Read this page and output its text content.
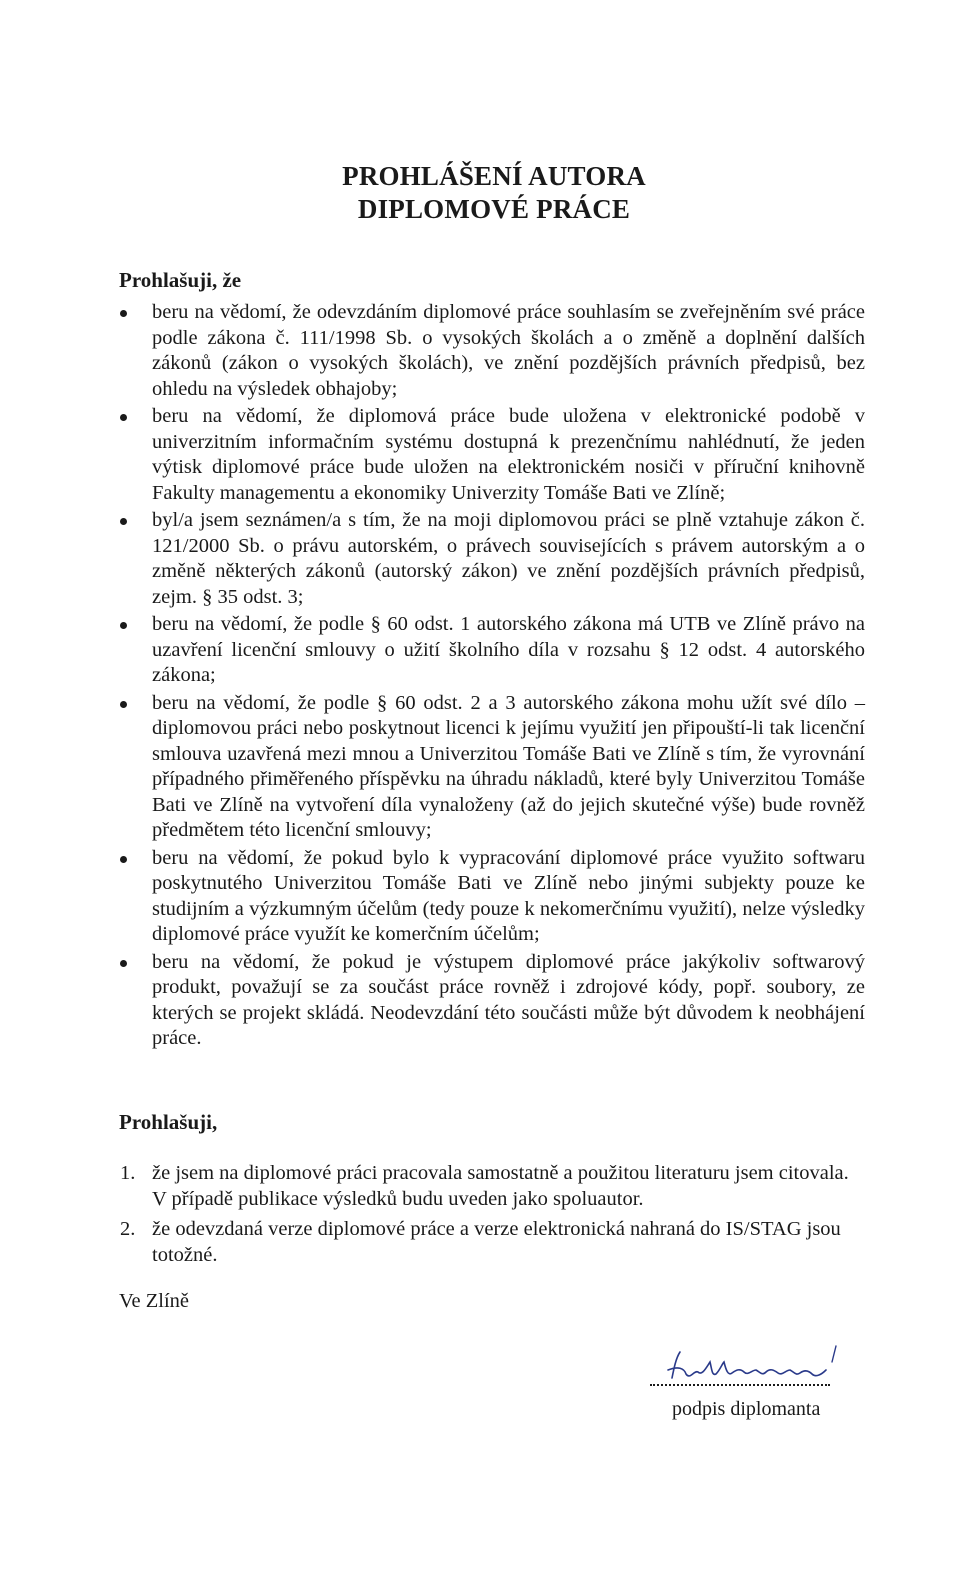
PROHLÁŠENÍ AUTORA
DIPLOMOVÉ PRÁCE
Prohlašuji, že
beru na vědomí, že odevzdáním diplomové práce souhlasím se zveřejněním své práce podle zákona č. 111/1998 Sb. o vysokých školách a o změně a doplnění dalších zákonů (zákon o vysokých školách), ve znění pozdějších právních předpisů, bez ohledu na výsledek obhajoby;
beru na vědomí, že diplomová práce bude uložena v elektronické podobě v univerzitním informačním systému dostupná k prezenčnímu nahlédnutí, že jeden výtisk diplomové práce bude uložen na elektronickém nosiči v příruční knihovně Fakulty managementu a ekonomiky Univerzity Tomáše Bati ve Zlíně;
byl/a jsem seznámen/a s tím, že na moji diplomovou práci se plně vztahuje zákon č. 121/2000 Sb. o právu autorském, o právech souvisejících s právem autorským a o změně některých zákonů (autorský zákon) ve znění pozdějších právních předpisů, zejm. § 35 odst. 3;
beru na vědomí, že podle § 60 odst. 1 autorského zákona má UTB ve Zlíně právo na uzavření licenční smlouvy o užití školního díla v rozsahu § 12 odst. 4 autorského zákona;
beru na vědomí, že podle § 60 odst. 2 a 3 autorského zákona mohu užít své dílo – diplomovou práci nebo poskytnout licenci k jejímu využití jen připouští-li tak licenční smlouva uzavřená mezi mnou a Univerzitou Tomáše Bati ve Zlíně s tím, že vyrovnání případného přiměřeného příspěvku na úhradu nákladů, které byly Univerzitou Tomáše Bati ve Zlíně na vytvoření díla vynaloženy (až do jejich skutečné výše) bude rovněž předmětem této licenční smlouvy;
beru na vědomí, že pokud bylo k vypracování diplomové práce využito softwaru poskytnutého Univerzitou Tomáše Bati ve Zlíně nebo jinými subjekty pouze ke studijním a výzkumným účelům (tedy pouze k nekomerčnímu využití), nelze výsledky diplomové práce využít ke komerčním účelům;
beru na vědomí, že pokud je výstupem diplomové práce jakýkoliv softwarový produkt, považují se za součást práce rovněž i zdrojové kódy, popř. soubory, ze kterých se projekt skládá. Neodevzdání této součásti může být důvodem k neobhájení práce.
Prohlašuji,
1. že jsem na diplomové práci pracovala samostatně a použitou literaturu jsem citovala. V případě publikace výsledků budu uveden jako spoluautor.
2. že odevzdaná verze diplomové práce a verze elektronická nahraná do IS/STAG jsou totožné.
Ve Zlíně
podpis diplomanta
